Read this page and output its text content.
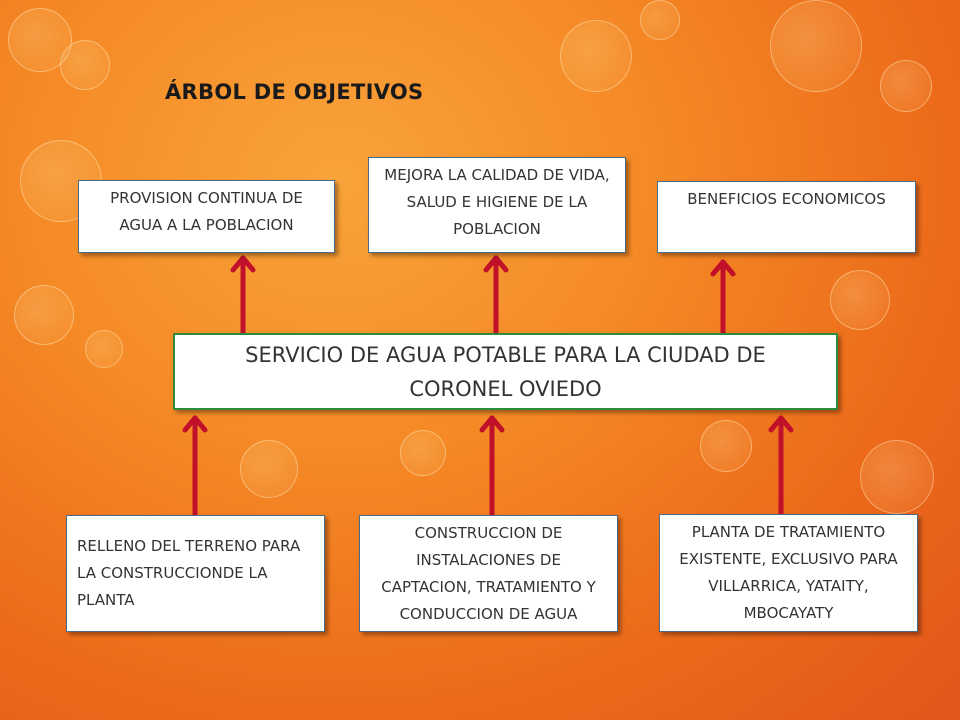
ÁRBOL DE OBJETIVOS
PROVISION CONTINUA DE AGUA A LA POBLACION
MEJORA LA CALIDAD DE VIDA, SALUD E HIGIENE DE LA POBLACION
BENEFICIOS ECONOMICOS
SERVICIO DE AGUA POTABLE PARA LA CIUDAD DE CORONEL OVIEDO
RELLENO DEL TERRENO PARA LA CONSTRUCCIONDE LA PLANTA
CONSTRUCCION DE INSTALACIONES DE CAPTACION, TRATAMIENTO Y CONDUCCION DE AGUA
PLANTA DE TRATAMIENTO EXISTENTE, EXCLUSIVO PARA VILLARRICA, YATAITY, MBOCAYATY
